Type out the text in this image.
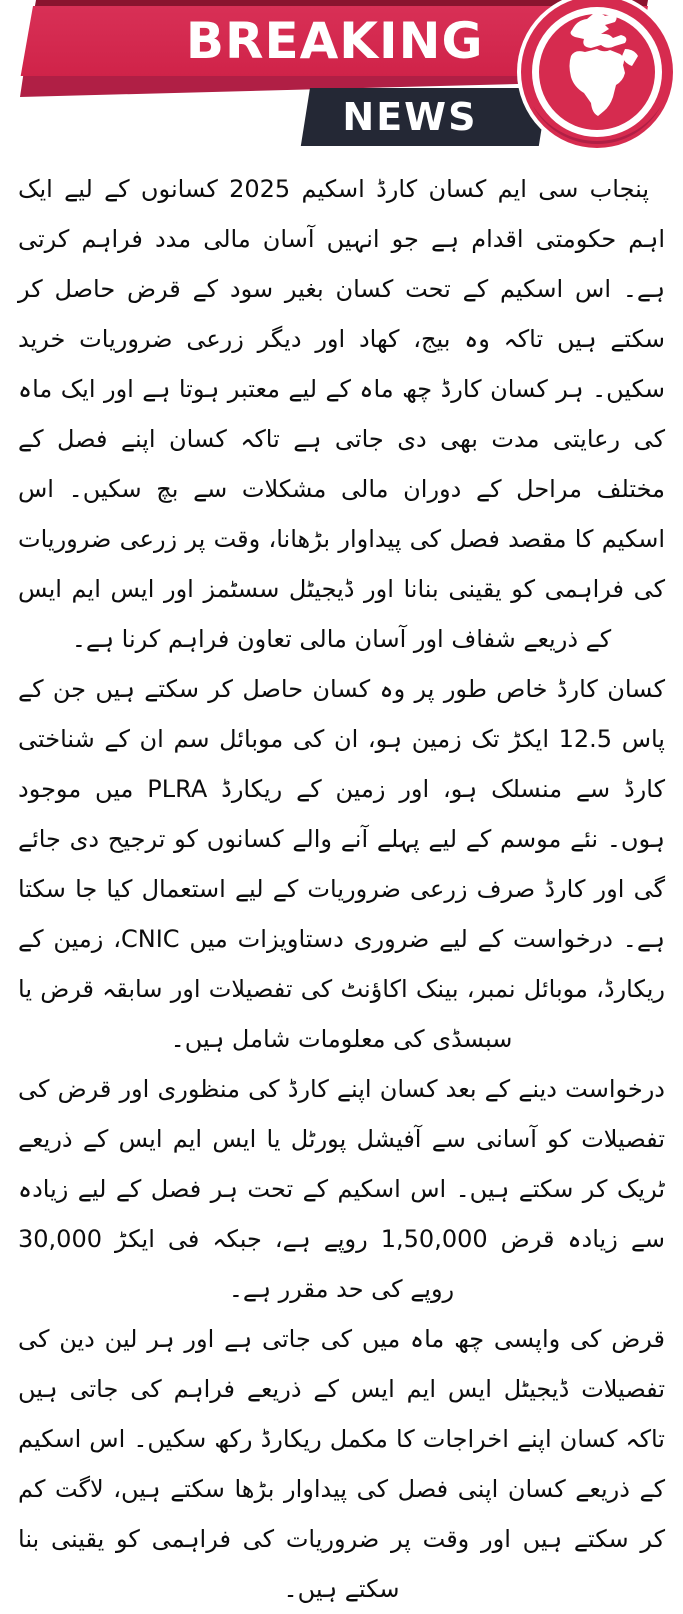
BREAKING
NEWS

پنجاب سی ایم کسان کارڈ اسکیم 2025 کسانوں کے لیے ایک اہم حکومتی اقدام ہے جو انہیں آسان مالی مدد فراہم کرتی ہے۔ اس اسکیم کے تحت کسان بغیر سود کے قرض حاصل کر سکتے ہیں تاکہ وہ بیج، کھاد اور دیگر زرعی ضروریات خرید سکیں۔ ہر کسان کارڈ چھ ماہ کے لیے معتبر ہوتا ہے اور ایک ماہ کی رعایتی مدت بھی دی جاتی ہے تاکہ کسان اپنے فصل کے مختلف مراحل کے دوران مالی مشکلات سے بچ سکیں۔ اس اسکیم کا مقصد فصل کی پیداوار بڑھانا، وقت پر زرعی ضروریات کی فراہمی کو یقینی بنانا اور ڈیجیٹل سسٹمز اور ایس ایم ایس کے ذریعے شفاف اور آسان مالی تعاون فراہم کرنا ہے۔

کسان کارڈ خاص طور پر وہ کسان حاصل کر سکتے ہیں جن کے پاس 12.5 ایکڑ تک زمین ہو، ان کی موبائل سم ان کے شناختی کارڈ سے منسلک ہو، اور زمین کے ریکارڈ PLRA میں موجود ہوں۔ نئے موسم کے لیے پہلے آنے والے کسانوں کو ترجیح دی جائے گی اور کارڈ صرف زرعی ضروریات کے لیے استعمال کیا جا سکتا ہے۔ درخواست کے لیے ضروری دستاویزات میں CNIC، زمین کے ریکارڈ، موبائل نمبر، بینک اکاؤنٹ کی تفصیلات اور سابقہ قرض یا سبسڈی کی معلومات شامل ہیں۔

درخواست دینے کے بعد کسان اپنے کارڈ کی منظوری اور قرض کی تفصیلات کو آسانی سے آفیشل پورٹل یا ایس ایم ایس کے ذریعے ٹریک کر سکتے ہیں۔ اس اسکیم کے تحت ہر فصل کے لیے زیادہ سے زیادہ قرض 1,50,000 روپے ہے، جبکہ فی ایکڑ 30,000 روپے کی حد مقرر ہے۔

قرض کی واپسی چھ ماہ میں کی جاتی ہے اور ہر لین دین کی تفصیلات ڈیجیٹل ایس ایم ایس کے ذریعے فراہم کی جاتی ہیں تاکہ کسان اپنے اخراجات کا مکمل ریکارڈ رکھ سکیں۔ اس اسکیم کے ذریعے کسان اپنی فصل کی پیداوار بڑھا سکتے ہیں، لاگت کم کر سکتے ہیں اور وقت پر ضروریات کی فراہمی کو یقینی بنا سکتے ہیں۔
